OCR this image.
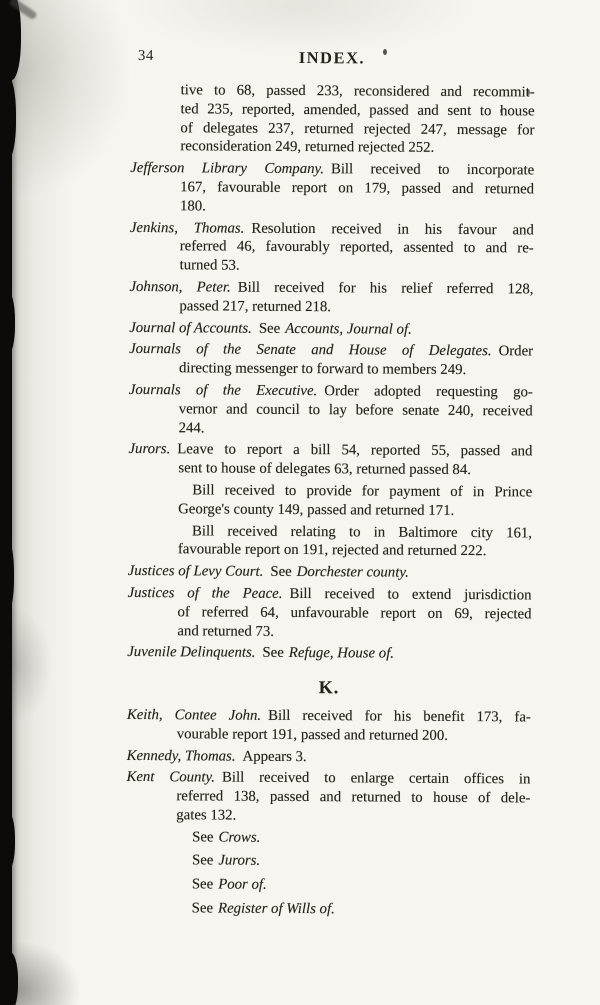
34	INDEX.
tive to 68, passed 233, reconsidered and recommit-
ted 235, reported, amended, passed and sent to house
of delegates 237, returned rejected 247, message for
reconsideration 249, returned rejected 252.
Jefferson Library Company. Bill received to incorporate
167, favourable report on 179, passed and returned
180.
Jenkins, Thomas. Resolution received in his favour and
referred 46, favourably reported, assented to and re-
turned 53.
Johnson, Peter. Bill received for his relief referred 128,
passed 217, returned 218.
Journal of Accounts. See Accounts, Journal of.
Journals of the Senate and House of Delegates. Order
directing messenger to forward to members 249.
Journals of the Executive. Order adopted requesting go-
vernor and council to lay before senate 240, received
244.
Jurors. Leave to report a bill 54, reported 55, passed and
sent to house of delegates 63, returned passed 84.
Bill received to provide for payment of in Prince
George's county 149, passed and returned 171.
Bill received relating to in Baltimore city 161,
favourable report on 191, rejected and returned 222.
Justices of Levy Court. See Dorchester county.
Justices of the Peace. Bill received to extend jurisdiction
of referred 64, unfavourable report on 69, rejected
and returned 73.
Juvenile Delinquents. See Refuge, House of.
K.
Keith, Contee John. Bill received for his benefit 173, fa-
vourable report 191, passed and returned 200.
Kennedy, Thomas. Appears 3.
Kent County. Bill received to enlarge certain offices in
referred 138, passed and returned to house of dele-
gates 132.
See Crows.
See Jurors.
See Poor of.
See Register of Wills of.
